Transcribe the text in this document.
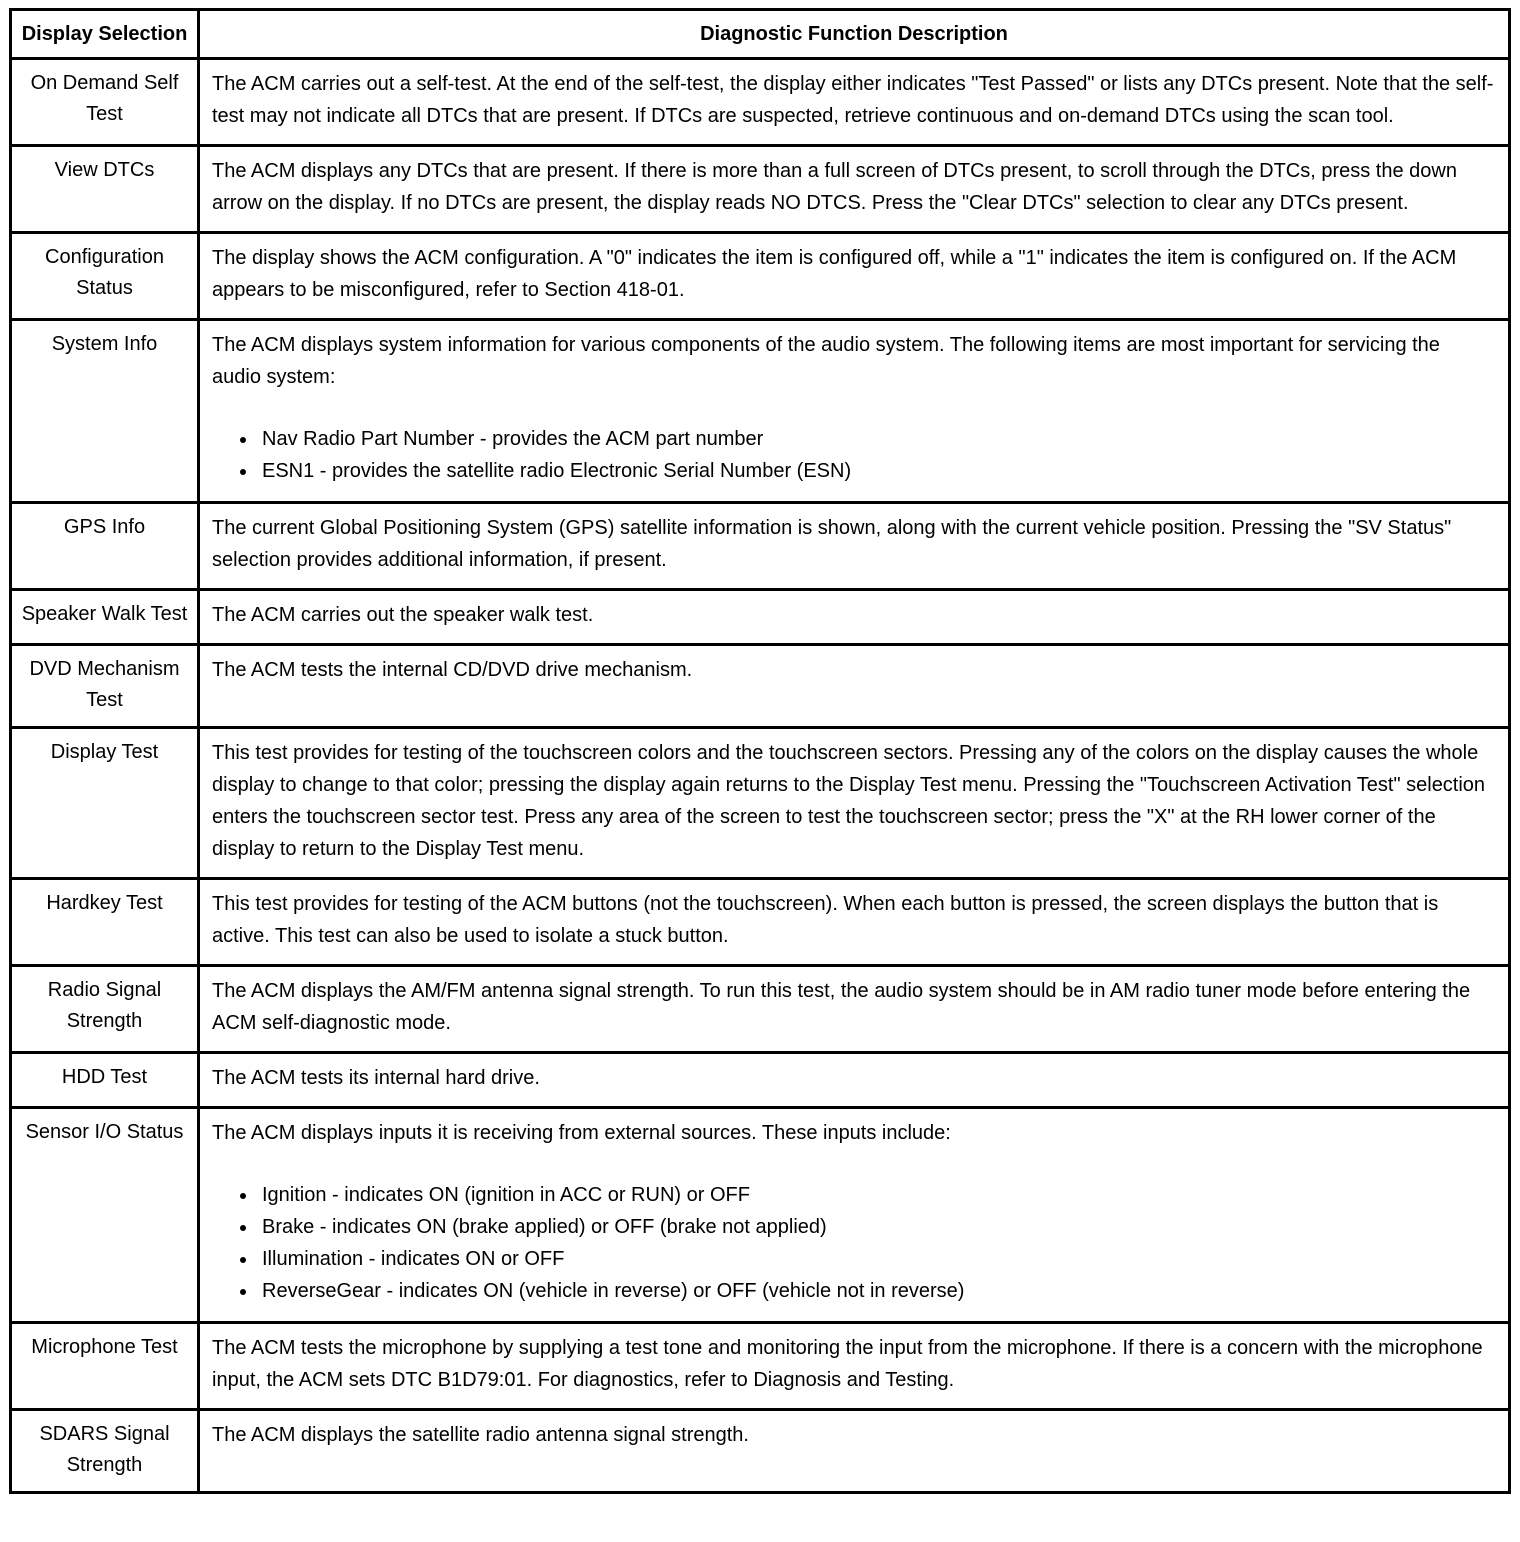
Display Selection	Diagnostic Function Description
On Demand Self Test	The ACM carries out a self-test. At the end of the self-test, the display either indicates "Test Passed" or lists any DTCs present. Note that the self-test may not indicate all DTCs that are present. If DTCs are suspected, retrieve continuous and on-demand DTCs using the scan tool.
View DTCs	The ACM displays any DTCs that are present. If there is more than a full screen of DTCs present, to scroll through the DTCs, press the down arrow on the display. If no DTCs are present, the display reads NO DTCS. Press the "Clear DTCs" selection to clear any DTCs present.
Configuration Status	The display shows the ACM configuration. A "0" indicates the item is configured off, while a "1" indicates the item is configured on. If the ACM appears to be misconfigured, refer to Section 418-01.
System Info	The ACM displays system information for various components of the audio system. The following items are most important for servicing the audio system:
• Nav Radio Part Number - provides the ACM part number
• ESN1 - provides the satellite radio Electronic Serial Number (ESN)

GPS Info	The current Global Positioning System (GPS) satellite information is shown, along with the current vehicle position. Pressing the "SV Status" selection provides additional information, if present.
Speaker Walk Test	The ACM carries out the speaker walk test.
DVD Mechanism Test	The ACM tests the internal CD/DVD drive mechanism.
Display Test	This test provides for testing of the touchscreen colors and the touchscreen sectors. Pressing any of the colors on the display causes the whole display to change to that color; pressing the display again returns to the Display Test menu. Pressing the "Touchscreen Activation Test" selection enters the touchscreen sector test. Press any area of the screen to test the touchscreen sector; press the "X" at the RH lower corner of the display to return to the Display Test menu.
Hardkey Test	This test provides for testing of the ACM buttons (not the touchscreen). When each button is pressed, the screen displays the button that is active. This test can also be used to isolate a stuck button.
Radio Signal Strength	The ACM displays the AM/FM antenna signal strength. To run this test, the audio system should be in AM radio tuner mode before entering the ACM self-diagnostic mode.
HDD Test	The ACM tests its internal hard drive.
Sensor I/O Status	The ACM displays inputs it is receiving from external sources. These inputs include:
• Ignition - indicates ON (ignition in ACC or RUN) or OFF
• Brake - indicates ON (brake applied) or OFF (brake not applied)
• Illumination - indicates ON or OFF
• ReverseGear - indicates ON (vehicle in reverse) or OFF (vehicle not in reverse)

Microphone Test	The ACM tests the microphone by supplying a test tone and monitoring the input from the microphone. If there is a concern with the microphone input, the ACM sets DTC B1D79:01. For diagnostics, refer to Diagnosis and Testing.
SDARS Signal Strength	The ACM displays the satellite radio antenna signal strength.
